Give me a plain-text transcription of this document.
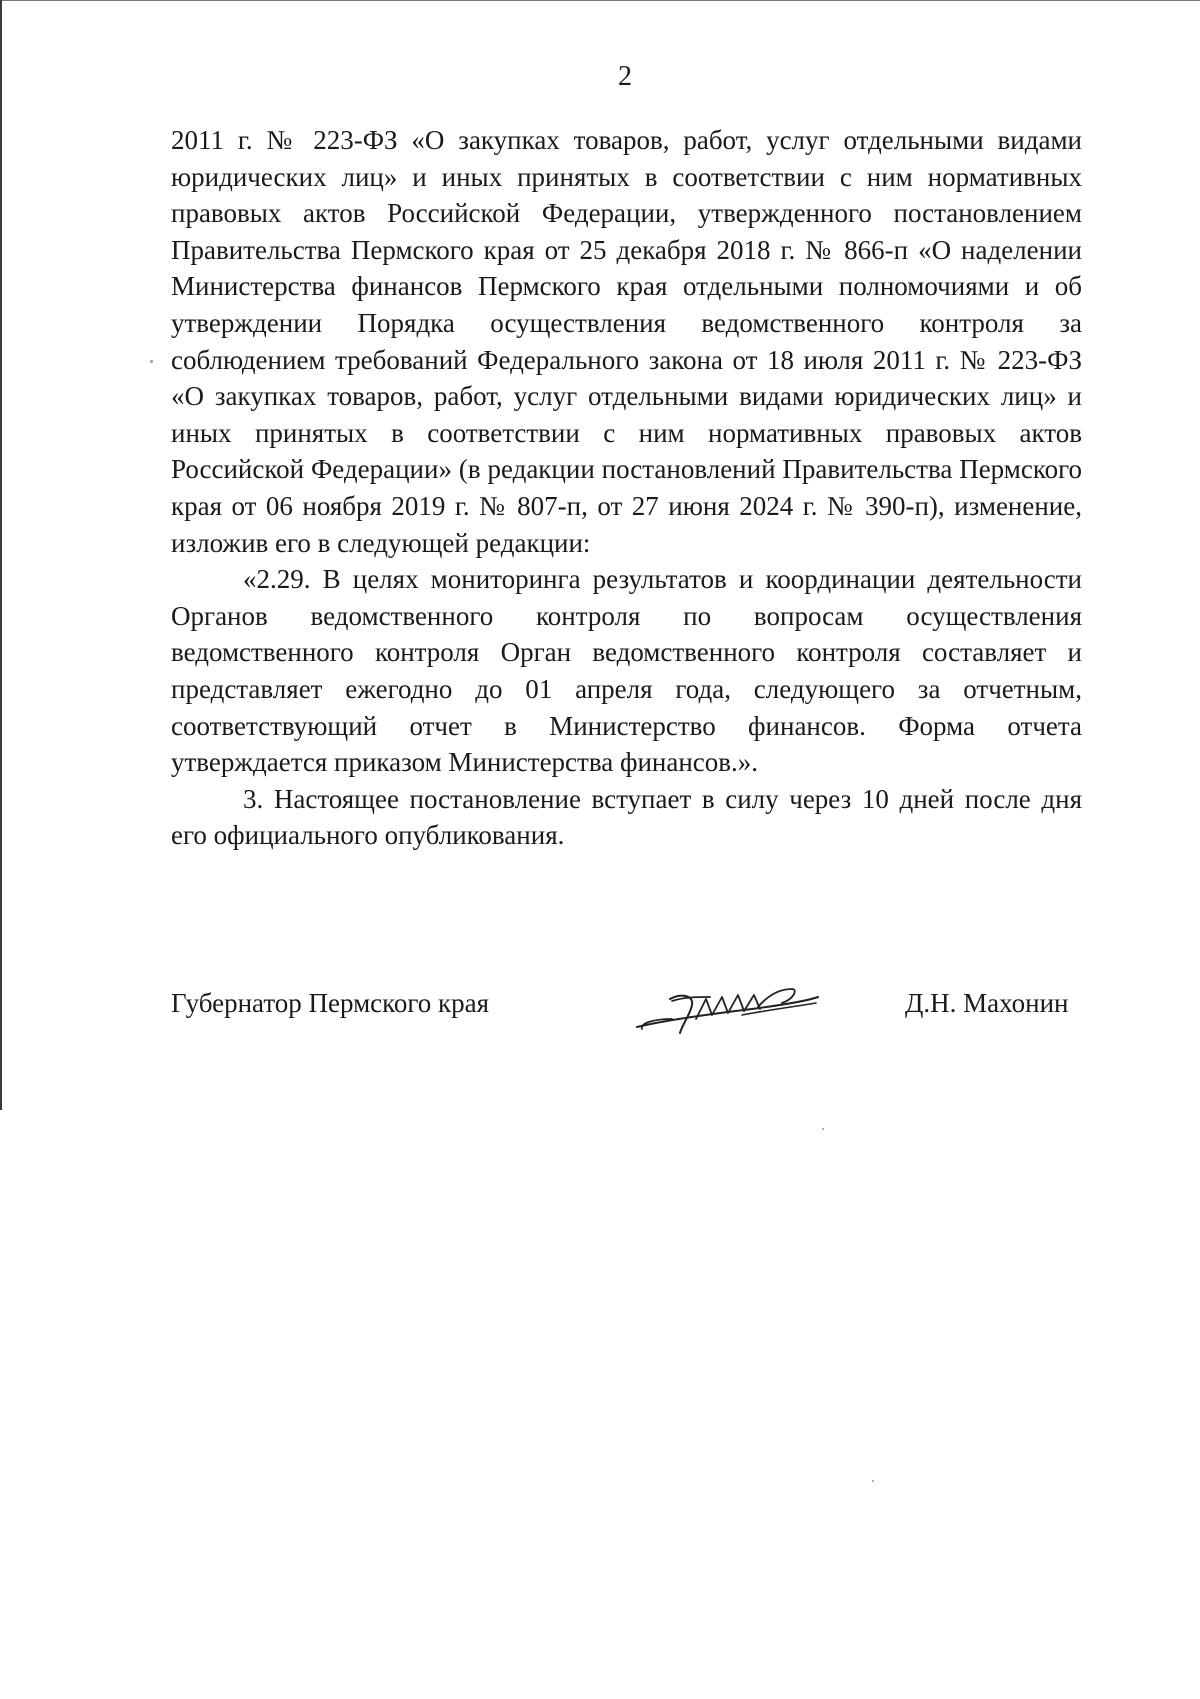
2

2011 г. № 223-ФЗ «О закупках товаров, работ, услуг отдельными видами юридических лиц» и иных принятых в соответствии с ним нормативных правовых актов Российской Федерации, утвержденного постановлением Правительства Пермского края от 25 декабря 2018 г. № 866-п «О наделении Министерства финансов Пермского края отдельными полномочиями и об утверждении Порядка осуществления ведомственного контроля за соблюдением требований Федерального закона от 18 июля 2011 г. № 223-ФЗ «О закупках товаров, работ, услуг отдельными видами юридических лиц» и иных принятых в соответствии с ним нормативных правовых актов Российской Федерации» (в редакции постановлений Правительства Пермского края от 06 ноября 2019 г. № 807-п, от 27 июня 2024 г. № 390-п), изменение, изложив его в следующей редакции:

«2.29. В целях мониторинга результатов и координации деятельности Органов ведомственного контроля по вопросам осуществления ведомственного контроля Орган ведомственного контроля составляет и представляет ежегодно до 01 апреля года, следующего за отчетным, соответствующий отчет в Министерство финансов. Форма отчета утверждается приказом Министерства финансов.».

3. Настоящее постановление вступает в силу через 10 дней после дня его официального опубликования.

Губернатор Пермского края	Д.Н. Махонин
